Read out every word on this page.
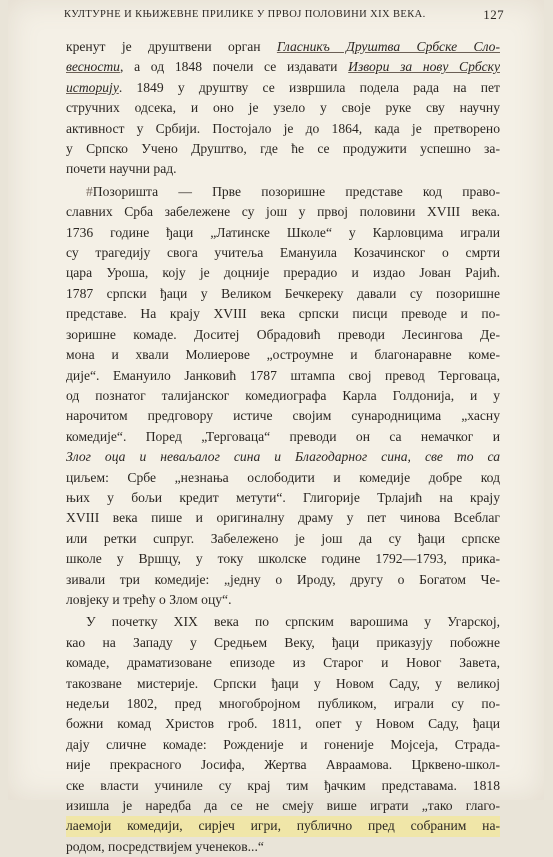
КУЛТУРНЕ И КЊИЖЕВНЕ ПРИЛИКЕ У ПРВОЈ ПОЛОВИНИ XIX ВЕКА.	127

кренут је друштвени орган Гласникъ Друштва Србске Сло-
весности, а од 1848 почели се издавати Извори за нову Србску
историју. 1849 у друштву се извршила подела рада на пет
стручних одсека, и оно је узело у своје руке сву научну
активност у Србији. Постојало је до 1864, када је претворено
у Српско Учено Друштво, где ће се продужити успешно за-
почети научни рад.

#Позоришта — Прве позоришне представе код право-
славних Срба забележене су још у првој половини XVIII века.
1736 године ђаци „Латинске Школе“ у Карловцима играли
су трагедију свога учитеља Емануила Козачинског о смрти
цара Уроша, коју је доцније прерадио и издао Јован Рајић.
1787 српски ђаци у Великом Бечкереку давали су позоришне
представе. На крају XVIII века српски писци преводе и по-
зоришне комаде. Доситеј Обрадовић преводи Лесингова Де-
мона и хвали Молиерове „остроумне и благонаравне коме-
дије“. Емануило Јанковић 1787 штампа свој превод Терговаца,
од познатог талијанског комедиографа Карла Голдонија, и у
нарочитом предговору истиче својим сународницима „хасну
комедије“. Поред „Терговаца“ преводи он са немачког и
Злог оца и неваљалог сина и Благодарног сина, све то са
циљем: Србе „незнања ослободити и комедије добре код
њих у бољи кредит метути“. Глигорије Трлајић на крају
XVIII века пише и оригиналну драму у пет чинова Всеблаг
или ретки сuпруг. Забележено је још да су ђаци српске
школе у Вршцу, у току школске године 1792—1793, прика-
зивали три комедије: „једну о Ироду, другу о Богатом Че-
ловјеку и трећу о Злом оцу“.

У почетку XIX века по српским варошима у Угарској,
као на Западу у Средњем Веку, ђаци приказују побожне
комаде, драматизоване епизоде из Старог и Новог Завета,
такозване мистерије. Српски ђаци у Новом Саду, у великој
недељи 1802, пред многобројном публиком, играли су по-
божни комад Христов гроб. 1811, опет у Новом Саду, ђаци
дају сличне комаде: Рожденије и гоненије Мојсеја, Страда-
није прекрасного Јосифа, Жертва Авраамова. Црквено-школ-
ске власти учиниле су крај тим ђачким представама. 1818
изишла је наредба да се не смеју више играти „тако глаго-
лаемоји комедији, сирјеч игри, публично пред собраним на-
родом, посредствијем ученеков...“
